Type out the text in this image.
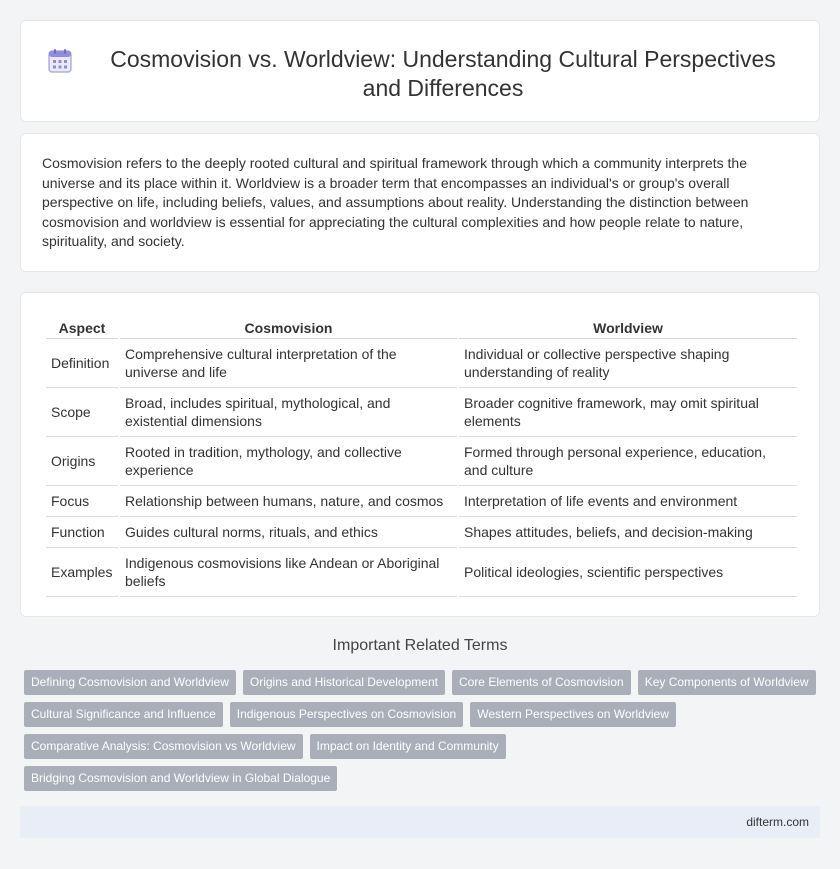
Cosmovision vs. Worldview: Understanding Cultural Perspectives and Differences

Cosmovision refers to the deeply rooted cultural and spiritual framework through which a community interprets the universe and its place within it. Worldview is a broader term that encompasses an individual's or group's overall perspective on life, including beliefs, values, and assumptions about reality. Understanding the distinction between cosmovision and worldview is essential for appreciating the cultural complexities and how people relate to nature, spirituality, and society.

Aspect	Cosmovision	Worldview
Definition	Comprehensive cultural interpretation of the universe and life	Individual or collective perspective shaping understanding of reality
Scope	Broad, includes spiritual, mythological, and existential dimensions	Broader cognitive framework, may omit spiritual elements
Origins	Rooted in tradition, mythology, and collective experience	Formed through personal experience, education, and culture
Focus	Relationship between humans, nature, and cosmos	Interpretation of life events and environment
Function	Guides cultural norms, rituals, and ethics	Shapes attitudes, beliefs, and decision-making
Examples	Indigenous cosmovisions like Andean or Aboriginal beliefs	Political ideologies, scientific perspectives
Important Related Terms
Defining Cosmovision and Worldview	Origins and Historical Development	Core Elements of Cosmovision	Key Components of Worldview
Cultural Significance and Influence	Indigenous Perspectives on Cosmovision	Western Perspectives on Worldview
Comparative Analysis: Cosmovision vs Worldview	Impact on Identity and Community
Bridging Cosmovision and Worldview in Global Dialogue
difterm.com
